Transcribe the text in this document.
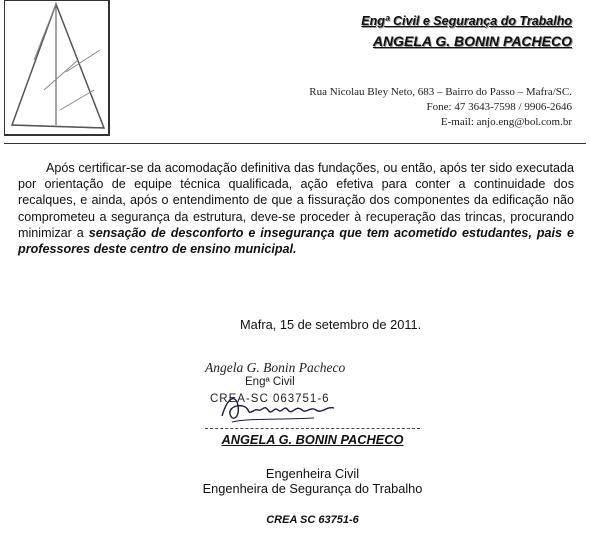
Engª Civil e Segurança do Trabalho
ANGELA G. BONIN PACHECO
Rua Nicolau Bley Neto, 683 – Bairro do Passo – Mafra/SC.
Fone: 47 3643-7598 / 9906-2646
E-mail: anjo.eng@bol.com.br
Após certificar-se da acomodação definitiva das fundações, ou então, após ter sido executada por orientação de equipe técnica qualificada, ação efetiva para conter a continuidade dos recalques, e ainda, após o entendimento de que a fissuração dos componentes da edificação não comprometeu a segurança da estrutura, deve-se proceder à recuperação das trincas, procurando minimizar a sensação de desconforto e insegurança que tem acometido estudantes, pais e professores deste centro de ensino municipal.
Mafra, 15 de setembro de 2011.
Angela G. Bonin Pacheco
Engª Civil
CREA-SC 063751-6
ANGELA G. BONIN PACHECO
Engenheira Civil
Engenheira de Segurança do Trabalho
CREA SC 63751-6
